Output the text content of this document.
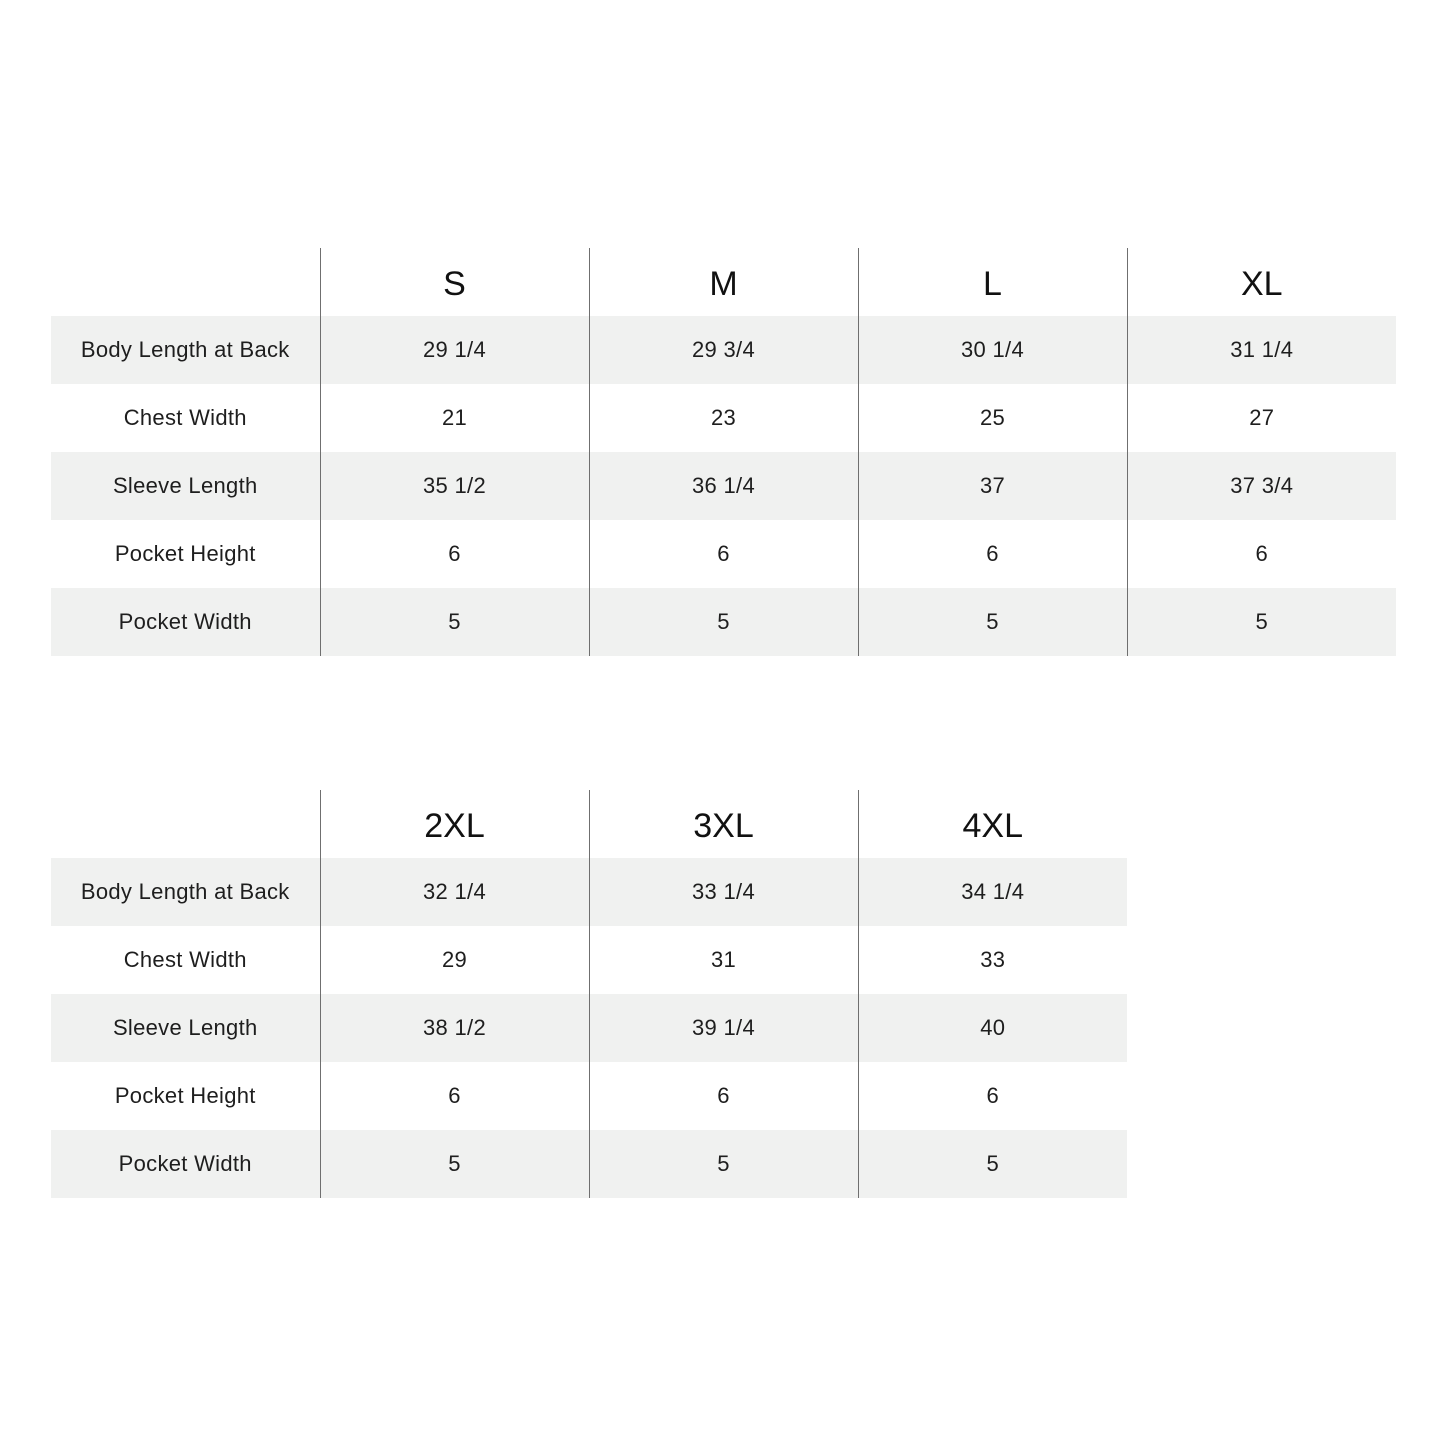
	S	M	L	XL
Body Length at Back	29 1/4	29 3/4	30 1/4	31 1/4
Chest Width	21	23	25	27
Sleeve Length	35 1/2	36 1/4	37	37 3/4
Pocket Height	6	6	6	6
Pocket Width	5	5	5	5
	2XL	3XL	4XL
Body Length at Back	32 1/4	33 1/4	34 1/4
Chest Width	29	31	33
Sleeve Length	38 1/2	39 1/4	40
Pocket Height	6	6	6
Pocket Width	5	5	5
